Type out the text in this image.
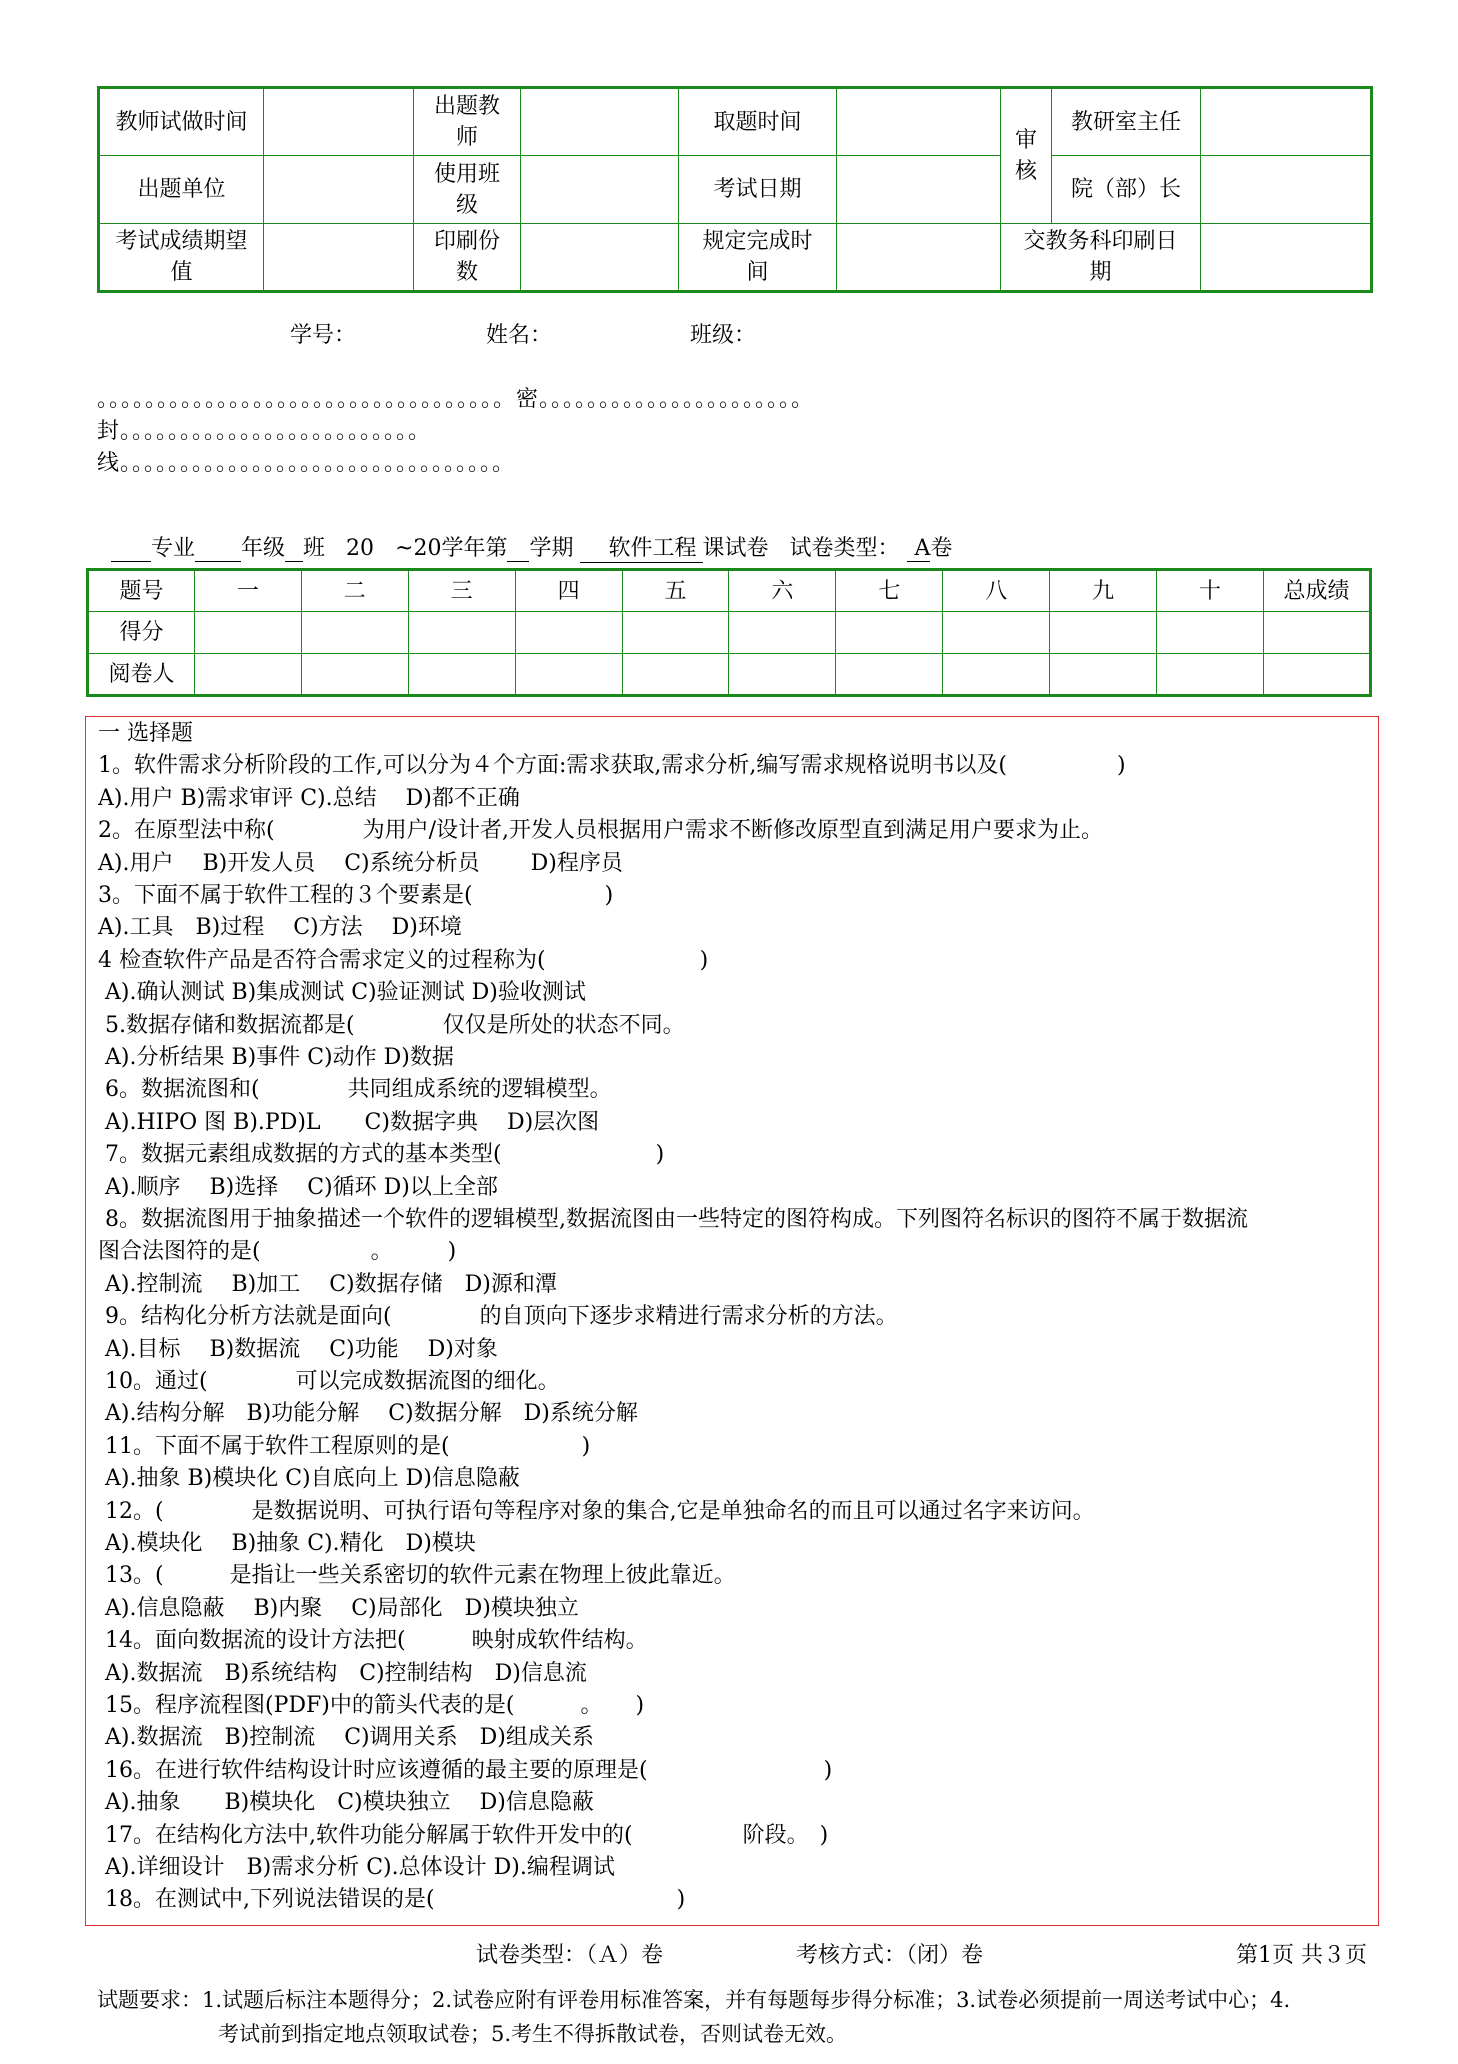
教师试做时间		出题教师		取题时间		审核	教研室主任	
出题单位		使用班级		考试日期			院（部）长	
考试成绩期望值		印刷份数		规定完成时间		交教务科印刷日期		
学号：	姓名：	班级：
。。。。。。。。。。。。。。。。。。。。。。。。。。。。。。。。。。密。。。。。。。。。。。。。。。。。。。。。。
封。。。。。。。。。。。。。。。。。。。。。。。。。
线。。。。。。。。。。。。。。。。。。。。。。。。。。。。。。。。

专业 年级 班 20 ~20学年第 学期 软件工程 课试卷 试卷类型： A卷

题号	一	二	三	四	五	六	七	八	九	十	总成绩
得分											
阅卷人											
一 选择题
1。软件需求分析阶段的工作,可以分为４个方面:需求获取,需求分析,编写需求规格说明书以及(　　　　　)
A).用户 B)需求审评 C).总结　 D)都不正确
2。在原型法中称(　　　　为用户/设计者,开发人员根据用户需求不断修改原型直到满足用户要求为止。
A).用户　 B)开发人员　 C)系统分析员　　 D)程序员
3。下面不属于软件工程的３个要素是(　　　　　　)
A).工具　B)过程　 C)方法　 D)环境
4 检查软件产品是否符合需求定义的过程称为(　　　　　　　)
A).确认测试 B)集成测试 C)验证测试 D)验收测试
5.数据存储和数据流都是(　　　　仅仅是所处的状态不同。
A).分析结果 B)事件 C)动作 D)数据
6。数据流图和(　　　　共同组成系统的逻辑模型。
A).HIPO 图 B).PD)L　　C)数据字典　 D)层次图
7。数据元素组成数据的方式的基本类型(　　　　　　　)
A).顺序　 B)选择　 C)循环 D)以上全部
8。数据流图用于抽象描述一个软件的逻辑模型,数据流图由一些特定的图符构成。下列图符名标识的图符不属于数据流
图合法图符的是(　　　　　。　　　)
A).控制流　 B)加工　 C)数据存储　D)源和潭
9。结构化分析方法就是面向(　　　　的自顶向下逐步求精进行需求分析的方法。
A).目标　 B)数据流　 C)功能　 D)对象
10。通过(　　　　可以完成数据流图的细化。
A).结构分解　B)功能分解　 C)数据分解　D)系统分解
11。下面不属于软件工程原则的是(　　　　　　)
A).抽象 B)模块化 C)自底向上 D)信息隐蔽
12。(　　　　是数据说明、可执行语句等程序对象的集合,它是单独命名的而且可以通过名字来访问。
A).模块化　 B)抽象 C).精化　D)模块
13。(　　　是指让一些关系密切的软件元素在物理上彼此靠近。
A).信息隐蔽　 B)内聚　 C)局部化　D)模块独立
14。面向数据流的设计方法把(　　　映射成软件结构。
A).数据流　B)系统结构　C)控制结构　D)信息流
15。程序流程图(PDF)中的箭头代表的是(　　　。　　)
A).数据流　B)控制流　 C)调用关系　D)组成关系
16。在进行软件结构设计时应该遵循的最主要的原理是(　　　　　　　　)
A).抽象　　B)模块化　C)模块独立　 D)信息隐蔽
17。在结构化方法中,软件功能分解属于软件开发中的(　　　　　阶段。　)
A).详细设计　B)需求分析 C).总体设计 D).编程调试
18。在测试中,下列说法错误的是(　　　　　　　　　　　)
试卷类型：（Ａ）卷	考核方式：（闭）卷	第1页 共３页
试题要求：1.试题后标注本题得分；2.试卷应附有评卷用标准答案，并有每题每步得分标准；3.试卷必须提前一周送考试中心；4.
考试前到指定地点领取试卷；5.考生不得拆散试卷，否则试卷无效。
